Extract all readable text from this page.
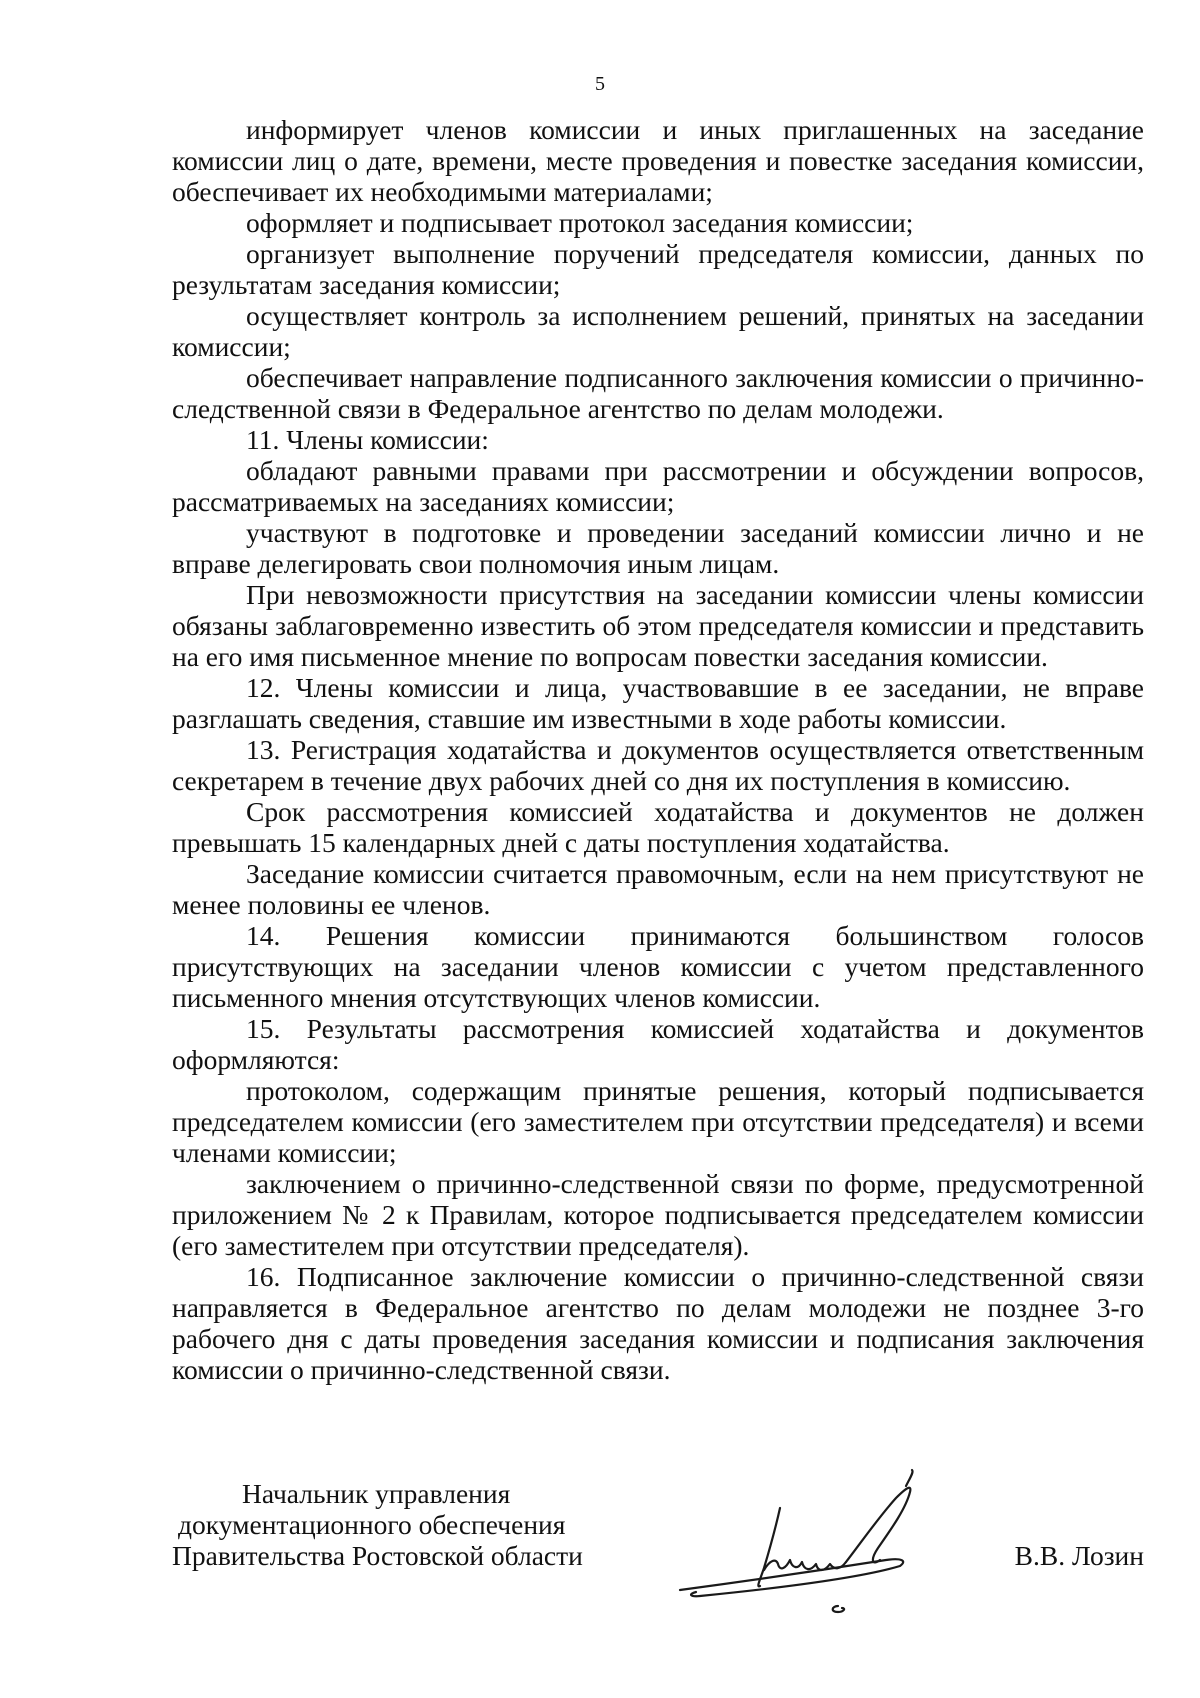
5

информирует членов комиссии и иных приглашенных на заседание комиссии лиц о дате, времени, месте проведения и повестке заседания комиссии, обеспечивает их необходимыми материалами;

оформляет и подписывает протокол заседания комиссии;

организует выполнение поручений председателя комиссии, данных по результатам заседания комиссии;

осуществляет контроль за исполнением решений, принятых на заседании комиссии;

обеспечивает направление подписанного заключения комиссии о причинно-следственной связи в Федеральное агентство по делам молодежи.

11. Члены комиссии:

обладают равными правами при рассмотрении и обсуждении вопросов, рассматриваемых на заседаниях комиссии;

участвуют в подготовке и проведении заседаний комиссии лично и не вправе делегировать свои полномочия иным лицам.

При невозможности присутствия на заседании комиссии члены комиссии обязаны заблаговременно известить об этом председателя комиссии и представить на его имя письменное мнение по вопросам повестки заседания комиссии.

12. Члены комиссии и лица, участвовавшие в ее заседании, не вправе разглашать сведения, ставшие им известными в ходе работы комиссии.

13. Регистрация ходатайства и документов осуществляется ответственным секретарем в течение двух рабочих дней со дня их поступления в комиссию.

Срок рассмотрения комиссией ходатайства и документов не должен превышать 15 календарных дней с даты поступления ходатайства.

Заседание комиссии считается правомочным, если на нем присутствуют не менее половины ее членов.

14. Решения комиссии принимаются большинством голосов присутствующих на заседании членов комиссии с учетом представленного письменного мнения отсутствующих членов комиссии.

15. Результаты рассмотрения комиссией ходатайства и документов оформляются:

протоколом, содержащим принятые решения, который подписывается председателем комиссии (его заместителем при отсутствии председателя) и всеми членами комиссии;

заключением о причинно-следственной связи по форме, предусмотренной приложением № 2 к Правилам, которое подписывается председателем комиссии (его заместителем при отсутствии председателя).

16. Подписанное заключение комиссии о причинно-следственной связи направляется в Федеральное агентство по делам молодежи не позднее 3-го рабочего дня с даты проведения заседания комиссии и подписания заключения комиссии о причинно-следственной связи.

Начальник управления
документационного обеспечения
Правительства Ростовской области	В.В. Лозин
